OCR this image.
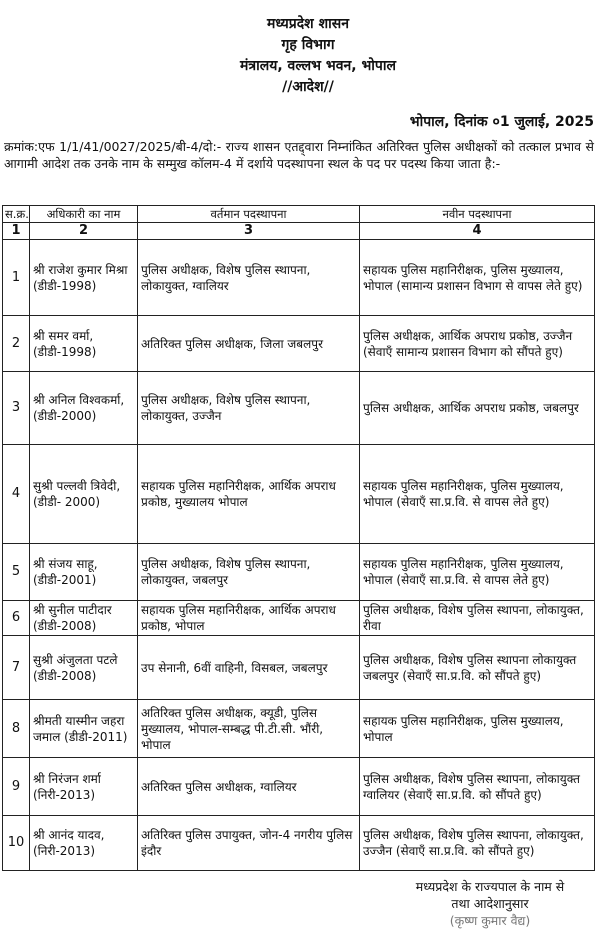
मध्यप्रदेश शासन
गृह विभाग
मंत्रालय, वल्लभ भवन, भोपाल
//आदेश//
भोपाल, दिनांक ०1 जुलाई, 2025
क्रमांक:एफ 1/1/41/0027/2025/बी-4/दो:- राज्य शासन एतद्द्वारा निम्नांकित अतिरिक्त पुलिस अधीक्षकों को तत्काल प्रभाव से आगामी आदेश तक उनके नाम के सम्मुख कॉलम-4 में दर्शाये पदस्थापना स्थल के पद पर पदस्थ किया जाता है:-
स.क्र.	अधिकारी का नाम	वर्तमान पदस्थापना	नवीन पदस्थापना
1	2	3	4
1	श्री राजेश कुमार मिश्रा (डीडी-1998)	पुलिस अधीक्षक, विशेष पुलिस स्थापना, लोकायुक्त, ग्वालियर	सहायक पुलिस महानिरीक्षक, पुलिस मुख्यालय, भोपाल (सामान्य प्रशासन विभाग से वापस लेते हुए)
2	श्री समर वर्मा, (डीडी-1998)	अतिरिक्त पुलिस अधीक्षक, जिला जबलपुर	पुलिस अधीक्षक, आर्थिक अपराध प्रकोष्ठ, उज्जैन (सेवाएँ सामान्य प्रशासन विभाग को सौंपते हुए)
3	श्री अनिल विश्वकर्मा, (डीडी-2000)	पुलिस अधीक्षक, विशेष पुलिस स्थापना, लोकायुक्त, उज्जैन	पुलिस अधीक्षक, आर्थिक अपराध प्रकोष्ठ, जबलपुर
4	सुश्री पल्लवी त्रिवेदी, (डीडी- 2000)	सहायक पुलिस महानिरीक्षक, आर्थिक अपराध प्रकोष्ठ, मुख्यालय भोपाल	सहायक पुलिस महानिरीक्षक, पुलिस मुख्यालय, भोपाल (सेवाएँ सा.प्र.वि. से वापस लेते हुए)
5	श्री संजय साहू, (डीडी-2001)	पुलिस अधीक्षक, विशेष पुलिस स्थापना, लोकायुक्त, जबलपुर	सहायक पुलिस महानिरीक्षक, पुलिस मुख्यालय, भोपाल (सेवाएँ सा.प्र.वि. से वापस लेते हुए)
6	श्री सुनील पाटीदार (डीडी-2008)	सहायक पुलिस महानिरीक्षक, आर्थिक अपराध प्रकोष्ठ, भोपाल	पुलिस अधीक्षक, विशेष पुलिस स्थापना, लोकायुक्त, रीवा
7	सुश्री अंजुलता पटले (डीडी-2008)	उप सेनानी, 6वीं वाहिनी, विसबल, जबलपुर	पुलिस अधीक्षक, विशेष पुलिस स्थापना लोकायुक्त जबलपुर (सेवाएँ सा.प्र.वि. को सौंपते हुए)
8	श्रीमती यास्मीन जहरा जमाल (डीडी-2011)	अतिरिक्त पुलिस अधीक्षक, क्यूडी, पुलिस मुख्यालय, भोपाल-सम्बद्ध पी.टी.सी. भौंरी, भोपाल	सहायक पुलिस महानिरीक्षक, पुलिस मुख्यालय, भोपाल
9	श्री निरंजन शर्मा (निरी-2013)	अतिरिक्त पुलिस अधीक्षक, ग्वालियर	पुलिस अधीक्षक, विशेष पुलिस स्थापना, लोकायुक्त ग्वालियर (सेवाएँ सा.प्र.वि. को सौंपते हुए)
10	श्री आनंद यादव, (निरी-2013)	अतिरिक्त पुलिस उपायुक्त, जोन-4 नगरीय पुलिस इंदौर	पुलिस अधीक्षक, विशेष पुलिस स्थापना, लोकायुक्त, उज्जैन (सेवाएँ सा.प्र.वि. को सौंपते हुए)
मध्यप्रदेश के राज्यपाल के नाम से
तथा आदेशानुसार
(कृष्ण कुमार वैद्य)
